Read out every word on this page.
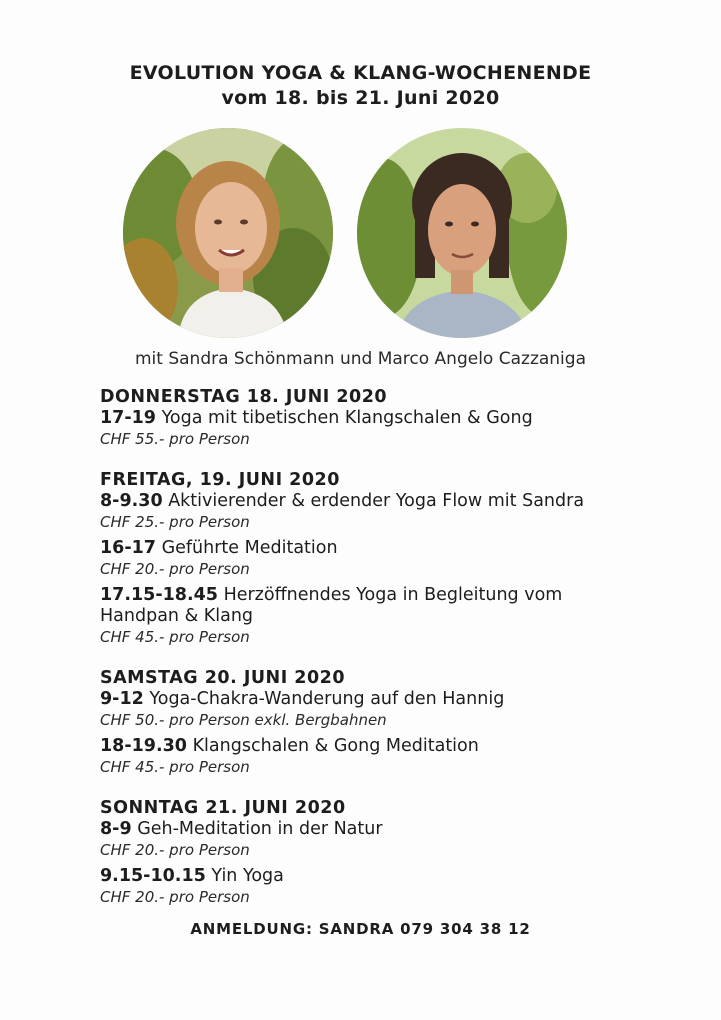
EVOLUTION YOGA & KLANG-WOCHENENDE
vom 18. bis 21. Juni 2020
mit Sandra Schönmann und Marco Angelo Cazzaniga
DONNERSTAG 18. JUNI 2020
17-19 Yoga mit tibetischen Klangschalen & Gong
CHF 55.- pro Person
FREITAG, 19. JUNI 2020
8-9.30 Aktivierender & erdender Yoga Flow mit Sandra
CHF 25.- pro Person
16-17 Geführte Meditation
CHF 20.- pro Person
17.15-18.45 Herzöffnendes Yoga in Begleitung vom Handpan & Klang
CHF 45.- pro Person
SAMSTAG 20. JUNI 2020
9-12 Yoga-Chakra-Wanderung auf den Hannig
CHF 50.- pro Person exkl. Bergbahnen
18-19.30 Klangschalen & Gong Meditation
CHF 45.- pro Person
SONNTAG 21. JUNI 2020
8-9 Geh-Meditation in der Natur
CHF 20.- pro Person
9.15-10.15 Yin Yoga
CHF 20.- pro Person
ANMELDUNG: SANDRA 079 304 38 12
